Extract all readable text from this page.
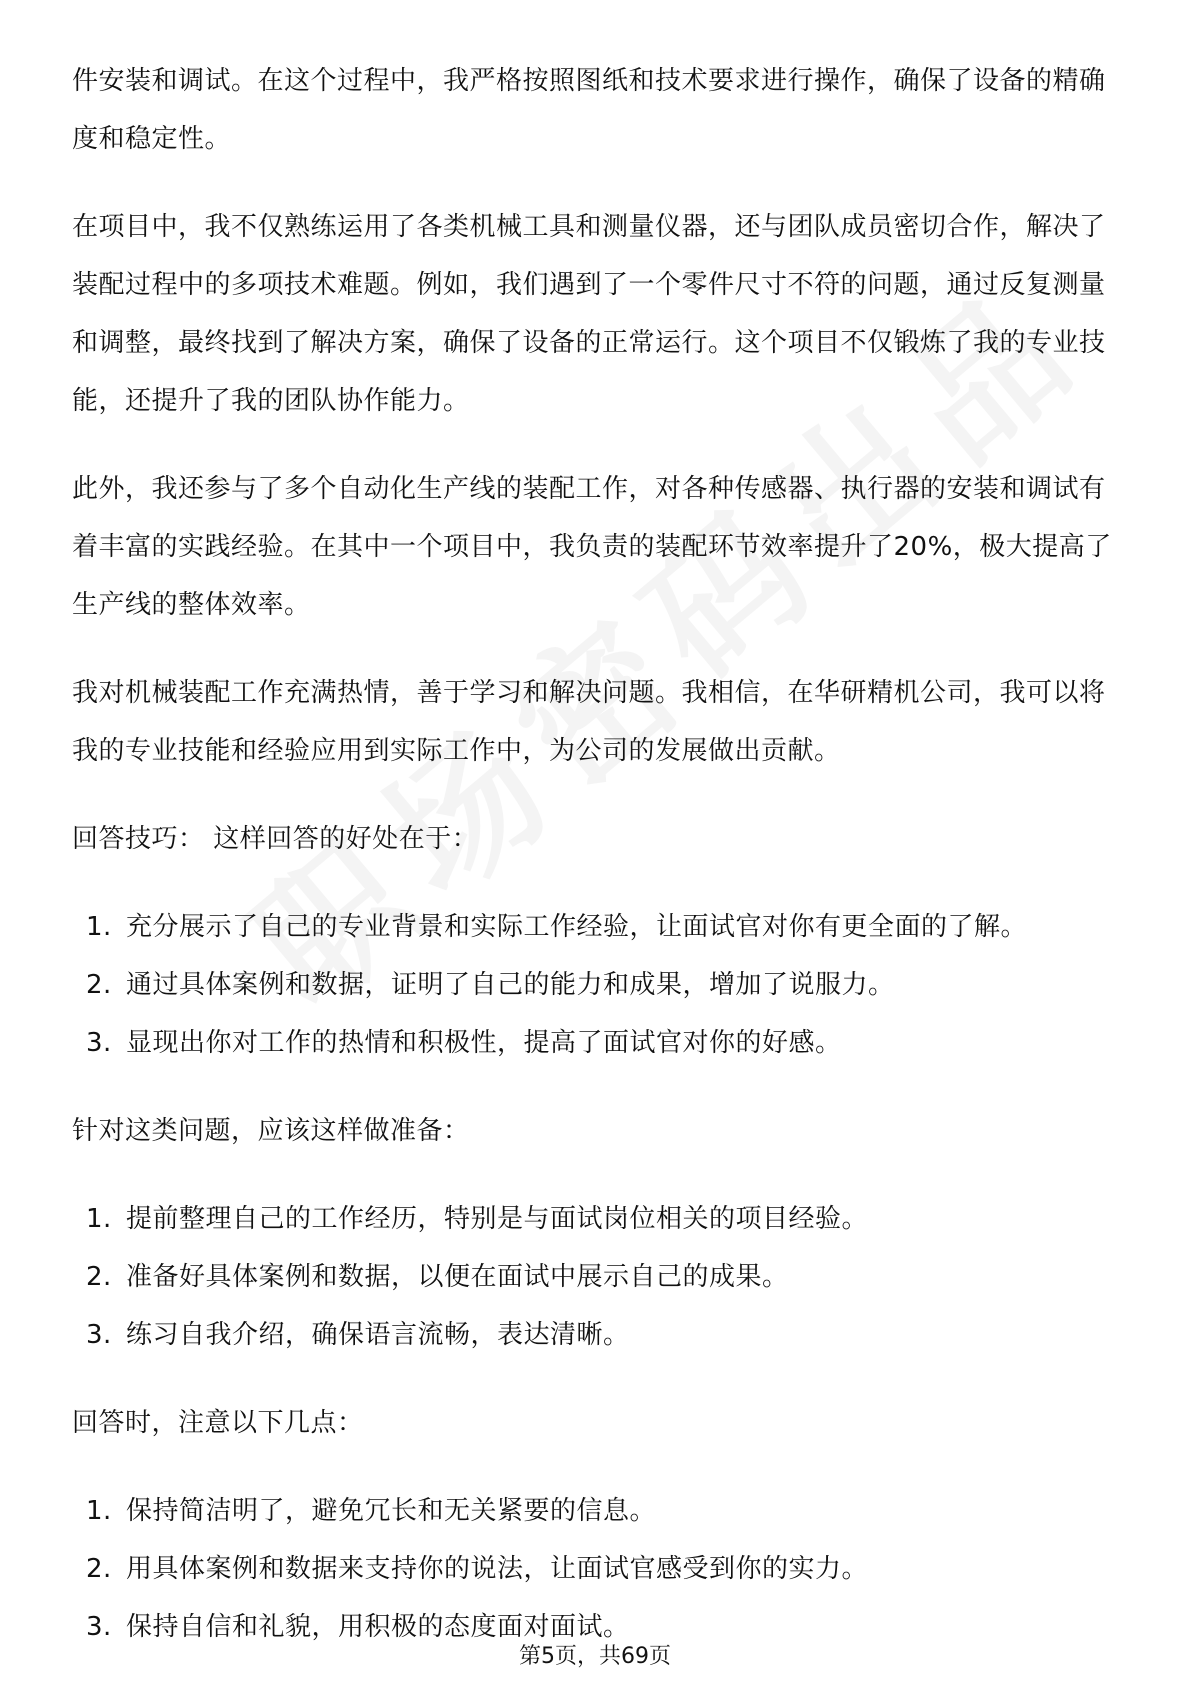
件安装和调试。在这个过程中，我严格按照图纸和技术要求进行操作，确保了设备的精确度和稳定性。

在项目中，我不仅熟练运用了各类机械工具和测量仪器，还与团队成员密切合作，解决了装配过程中的多项技术难题。例如，我们遇到了一个零件尺寸不符的问题，通过反复测量和调整，最终找到了解决方案，确保了设备的正常运行。这个项目不仅锻炼了我的专业技能，还提升了我的团队协作能力。

此外，我还参与了多个自动化生产线的装配工作，对各种传感器、执行器的安装和调试有着丰富的实践经验。在其中一个项目中，我负责的装配环节效率提升了20%，极大提高了生产线的整体效率。

我对机械装配工作充满热情，善于学习和解决问题。我相信，在华研精机公司，我可以将我的专业技能和经验应用到实际工作中，为公司的发展做出贡献。

回答技巧： 这样回答的好处在于：

1. 充分展示了自己的专业背景和实际工作经验，让面试官对你有更全面的了解。
2. 通过具体案例和数据，证明了自己的能力和成果，增加了说服力。
3. 显现出你对工作的热情和积极性，提高了面试官对你的好感。

针对这类问题，应该这样做准备：

1. 提前整理自己的工作经历，特别是与面试岗位相关的项目经验。
2. 准备好具体案例和数据，以便在面试中展示自己的成果。
3. 练习自我介绍，确保语言流畅，表达清晰。

回答时，注意以下几点：

1. 保持简洁明了，避免冗长和无关紧要的信息。
2. 用具体案例和数据来支持你的说法，让面试官感受到你的实力。
3. 保持自信和礼貌，用积极的态度面对面试。
第5页，共69页
